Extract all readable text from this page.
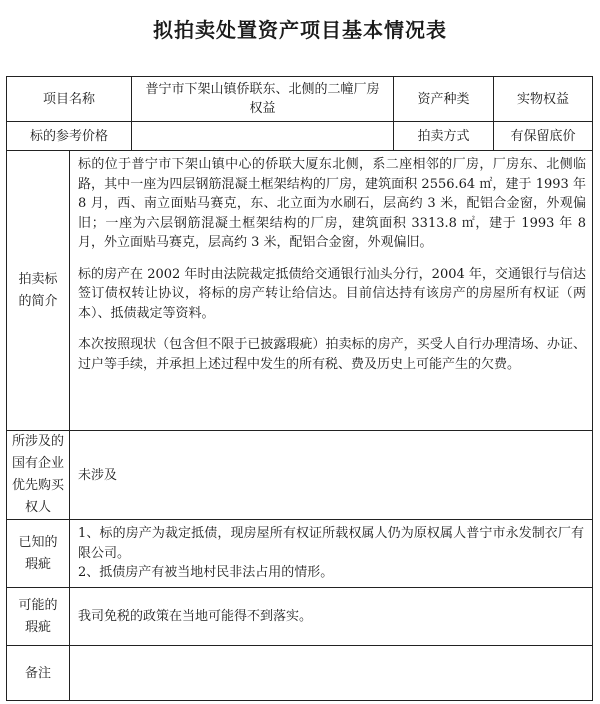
拟拍卖处置资产项目基本情况表
项目名称		普宁市下架山镇侨联东、北侧的二幢厂房权益	资产种类	实物权益
标的参考价格			拍卖方式	有保留底价

拍卖标的简介	标的位于普宁市下架山镇中心的侨联大厦东北侧，系二座相邻的厂房，厂房东、北侧临路，其中一座为四层钢筋混凝土框架结构的厂房，建筑面积 2556.64 ㎡，建于 1993 年 8 月，西、南立面贴马赛克，东、北立面为水刷石，层高约 3 米，配铝合金窗，外观偏旧；一座为六层钢筋混凝土框架结构的厂房，建筑面积 3313.8 ㎡，建于 1993 年 8 月，外立面贴马赛克，层高约 3 米，配铝合金窗，外观偏旧。

标的房产在 2002 年时由法院裁定抵债给交通银行汕头分行，2004 年，交通银行与信达签订债权转让协议，将标的房产转让给信达。目前信达持有该房产的房屋所有权证（两本）、抵债裁定等资料。

本次按照现状（包含但不限于已披露瑕疵）拍卖标的房产，买受人自行办理清场、办证、过户等手续，并承担上述过程中发生的所有税、费及历史上可能产生的欠费。			

所涉及的国有企业优先购买权人	未涉及			

已知的瑕疵	1、标的房产为裁定抵债，现房屋所有权证所载权属人仍为原权属人普宁市永发制衣厂有限公司。

2、抵债房产有被当地村民非法占用的情形。			

可能的瑕疵	我司免税的政策在当地可能得不到落实。			
备注				
